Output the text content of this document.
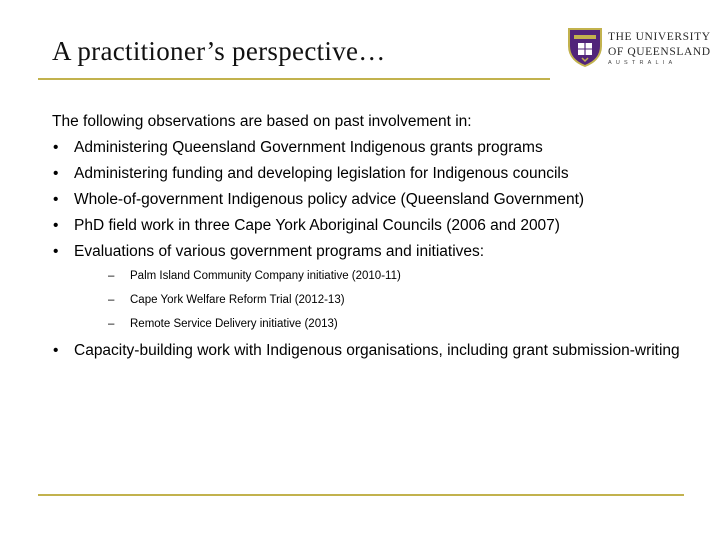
A practitioner’s perspective…	THE UNIVERSITY
OF QUEENSLAND
AUSTRALIA

The following observations are based on past involvement in:

• Administering Queensland Government Indigenous grants programs
• Administering funding and developing legislation for Indigenous councils
• Whole-of-government Indigenous policy advice (Queensland Government)
• PhD field work in three Cape York Aboriginal Councils (2006 and 2007)
• Evaluations of various government programs and initiatives:
– Palm Island Community Company initiative (2010-11)
– Cape York Welfare Reform Trial (2012-13)
– Remote Service Delivery initiative (2013)
• Capacity-building work with Indigenous organisations, including grant submission-writing
